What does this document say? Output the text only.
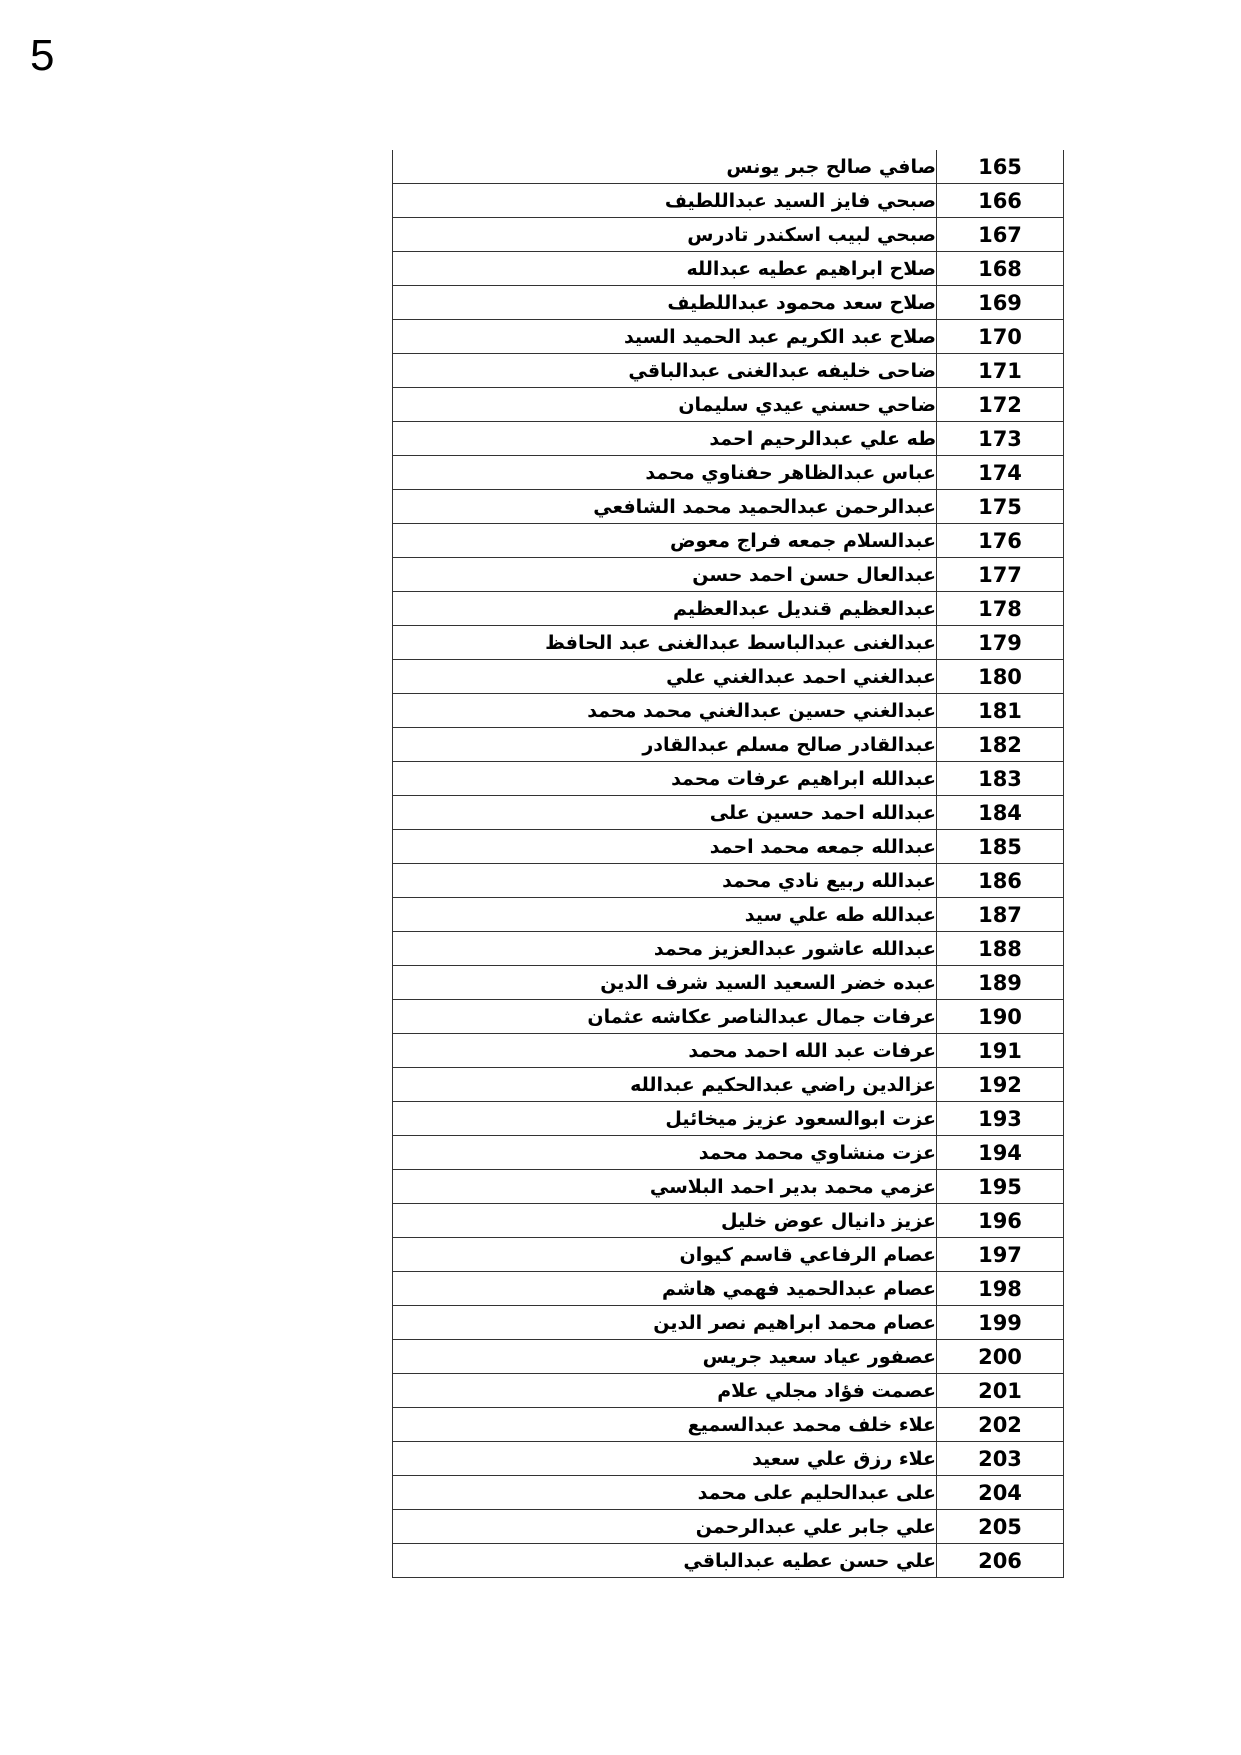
5
صافي صالح جبر يونس	165
صبحي فايز السيد عبداللطيف	166
صبحي لبيب اسكندر تادرس	167
صلاح ابراهيم عطيه عبدالله	168
صلاح سعد محمود عبداللطيف	169
صلاح عبد الكريم عبد الحميد السيد	170
ضاحى خليفه عبدالغنى عبدالباقي	171
ضاحي حسني عيدي سليمان	172
طه علي عبدالرحيم احمد	173
عباس عبدالظاهر حفناوي محمد	174
عبدالرحمن عبدالحميد محمد الشافعي	175
عبدالسلام جمعه فراج معوض	176
عبدالعال حسن احمد حسن	177
عبدالعظيم قنديل عبدالعظيم	178
عبدالغنى عبدالباسط عبدالغنى عبد الحافظ	179
عبدالغني احمد عبدالغني علي	180
عبدالغني حسين عبدالغني محمد محمد	181
عبدالقادر صالح مسلم عبدالقادر	182
عبدالله ابراهيم عرفات محمد	183
عبدالله احمد حسين على	184
عبدالله جمعه محمد احمد	185
عبدالله ربيع نادي محمد	186
عبدالله طه علي سيد	187
عبدالله عاشور عبدالعزيز محمد	188
عبده خضر السعيد السيد شرف الدين	189
عرفات جمال عبدالناصر عكاشه عثمان	190
عرفات عبد الله احمد محمد	191
عزالدين راضي عبدالحكيم عبدالله	192
عزت ابوالسعود عزيز ميخائيل	193
عزت منشاوي محمد محمد	194
عزمي محمد بدير احمد البلاسي	195
عزيز دانيال عوض خليل	196
عصام الرفاعي قاسم كيوان	197
عصام عبدالحميد فهمي هاشم	198
عصام محمد ابراهيم نصر الدين	199
عصفور عياد سعيد جريس	200
عصمت فؤاد مجلي علام	201
علاء خلف محمد عبدالسميع	202
علاء رزق علي سعيد	203
على عبدالحليم على محمد	204
علي جابر علي عبدالرحمن	205
علي حسن عطيه عبدالباقي	206
